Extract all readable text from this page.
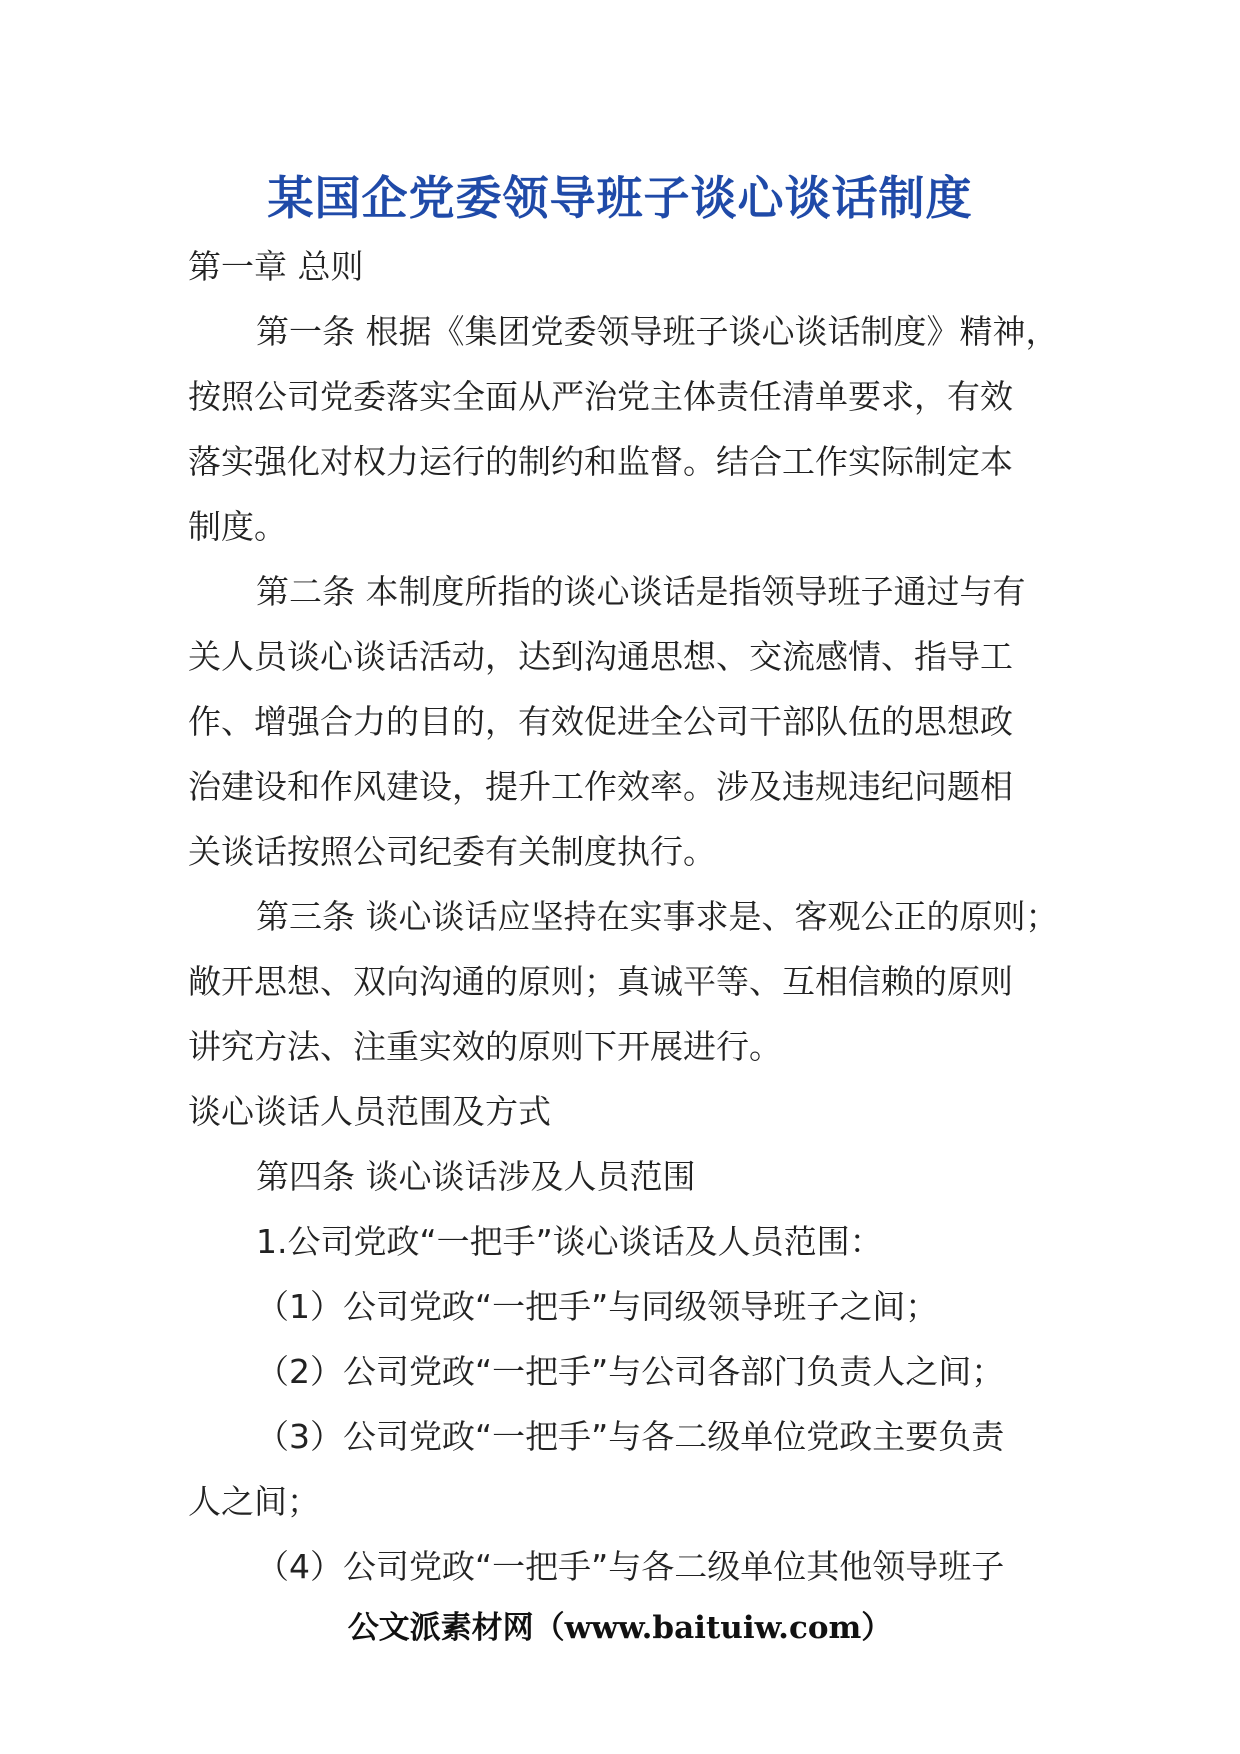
某国企党委领导班子谈心谈话制度
第一章 总则
第一条 根据《集团党委领导班子谈心谈话制度》精神，
按照公司党委落实全面从严治党主体责任清单要求，有效
落实强化对权力运行的制约和监督。结合工作实际制定本
制度。
第二条 本制度所指的谈心谈话是指领导班子通过与有
关人员谈心谈话活动，达到沟通思想、交流感情、指导工
作、增强合力的目的，有效促进全公司干部队伍的思想政
治建设和作风建设，提升工作效率。涉及违规违纪问题相
关谈话按照公司纪委有关制度执行。
第三条 谈心谈话应坚持在实事求是、客观公正的原则；
敞开思想、双向沟通的原则；真诚平等、互相信赖的原则
讲究方法、注重实效的原则下开展进行。
谈心谈话人员范围及方式
第四条 谈心谈话涉及人员范围
1.公司党政“一把手”谈心谈话及人员范围：
（1）公司党政“一把手”与同级领导班子之间；
（2）公司党政“一把手”与公司各部门负责人之间；
（3）公司党政“一把手”与各二级单位党政主要负责
人之间；
（4）公司党政“一把手”与各二级单位其他领导班子
公文派素材网（www.baituiw.com）
